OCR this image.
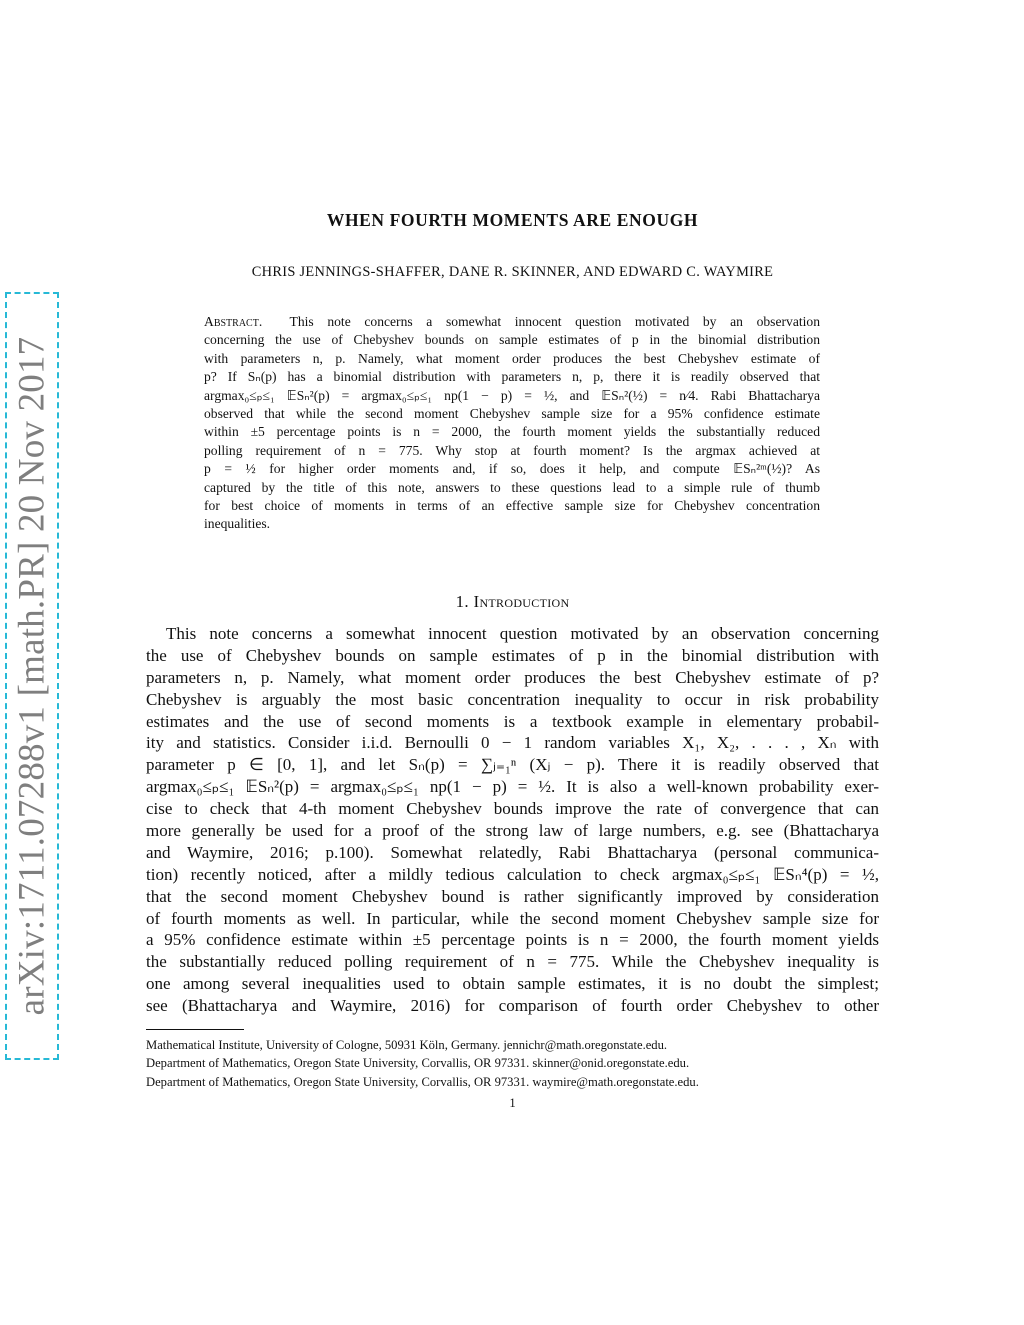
arXiv:1711.07288v1 [math.PR] 20 Nov 2017
WHEN FOURTH MOMENTS ARE ENOUGH
CHRIS JENNINGS-SHAFFER, DANE R. SKINNER, AND EDWARD C. WAYMIRE
Abstract. This note concerns a somewhat innocent question motivated by an observation
concerning the use of Chebyshev bounds on sample estimates of p in the binomial distribution
with parameters n, p. Namely, what moment order produces the best Chebyshev estimate of
p? If Sₙ(p) has a binomial distribution with parameters n, p, there it is readily observed that
argmax₀≤ₚ≤₁ 𝔼Sₙ²(p) = argmax₀≤ₚ≤₁ np(1 − p) = ½, and 𝔼Sₙ²(½) = n⁄4. Rabi Bhattacharya
observed that while the second moment Chebyshev sample size for a 95% confidence estimate
within ±5 percentage points is n = 2000, the fourth moment yields the substantially reduced
polling requirement of n = 775. Why stop at fourth moment? Is the argmax achieved at
p = ½ for higher order moments and, if so, does it help, and compute 𝔼Sₙ²ᵐ(½)? As
captured by the title of this note, answers to these questions lead to a simple rule of thumb
for best choice of moments in terms of an effective sample size for Chebyshev concentration
inequalities.
1. Introduction
This note concerns a somewhat innocent question motivated by an observation concerning
the use of Chebyshev bounds on sample estimates of p in the binomial distribution with
parameters n, p. Namely, what moment order produces the best Chebyshev estimate of p?
Chebyshev is arguably the most basic concentration inequality to occur in risk probability
estimates and the use of second moments is a textbook example in elementary probabil-
ity and statistics. Consider i.i.d. Bernoulli 0 − 1 random variables X₁, X₂, . . . , Xₙ with
parameter p ∈ [0, 1], and let Sₙ(p) = ∑ⱼ₌₁ⁿ (Xⱼ − p). There it is readily observed that
argmax₀≤ₚ≤₁ 𝔼Sₙ²(p) = argmax₀≤ₚ≤₁ np(1 − p) = ½. It is also a well-known probability exer-
cise to check that 4-th moment Chebyshev bounds improve the rate of convergence that can
more generally be used for a proof of the strong law of large numbers, e.g. see (Bhattacharya
and Waymire, 2016; p.100). Somewhat relatedly, Rabi Bhattacharya (personal communica-
tion) recently noticed, after a mildly tedious calculation to check argmax₀≤ₚ≤₁ 𝔼Sₙ⁴(p) = ½,
that the second moment Chebyshev bound is rather significantly improved by consideration
of fourth moments as well. In particular, while the second moment Chebyshev sample size for
a 95% confidence estimate within ±5 percentage points is n = 2000, the fourth moment yields
the substantially reduced polling requirement of n = 775. While the Chebyshev inequality is
one among several inequalities used to obtain sample estimates, it is no doubt the simplest;
see (Bhattacharya and Waymire, 2016) for comparison of fourth order Chebyshev to other
Mathematical Institute, University of Cologne, 50931 Köln, Germany. jennichr@math.oregonstate.edu.
Department of Mathematics, Oregon State University, Corvallis, OR 97331. skinner@onid.oregonstate.edu.
Department of Mathematics, Oregon State University, Corvallis, OR 97331. waymire@math.oregonstate.edu.
1
